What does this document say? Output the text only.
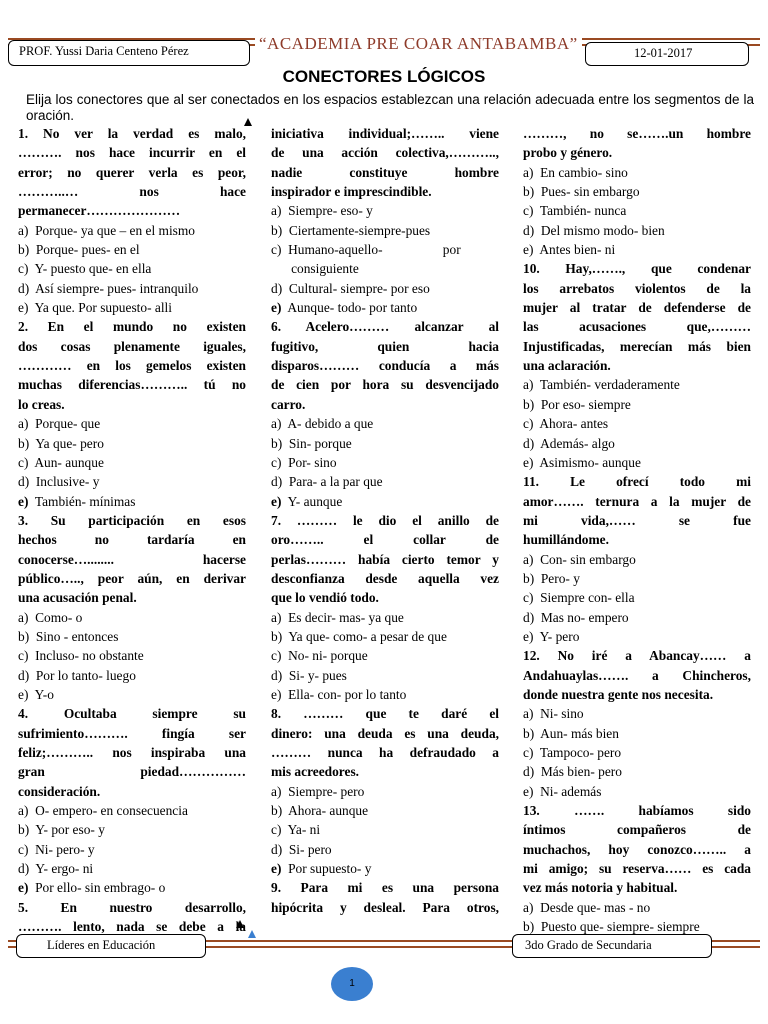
PROF. Yussi Daria Centeno Pérez	“ACADEMIA PRE COAR ANTABAMBA”	12-01-2017
CONECTORES LÓGICOS
Elija los conectores que al ser conectados en los espacios establezcan una relación adecuada entre los segmentos de la oración.

1. No ver la verdad es malo,

………. nos hace incurrir en el

error; no querer verla es peor,

………..… nos hace

permanecer…………………

a)  Porque- ya que – en el mismo

b)  Porque- pues- en el

c)  Y- puesto que- en ella

d)  Así siempre- pues- intranquilo

e)  Ya que. Por supuesto- alli

2. En el mundo no existen

dos cosas plenamente iguales,

………… en los gemelos existen

muchas diferencias……….. tú no

lo creas.

a)  Porque- que

b)  Ya que- pero

c)  Aun- aunque

d)  Inclusive- y

e)  También- mínimas

3. Su participación en esos

hechos no tardaría en

conocerse…........ hacerse

público….., peor aún, en derivar

una acusación penal.

a)  Como- o

b)  Sino - entonces

c)  Incluso- no obstante

d)  Por lo tanto- luego

e)  Y-o

4. Ocultaba siempre su

sufrimiento………. fingía ser

feliz;……….. nos inspiraba una

gran piedad……………

consideración.

a)  O- empero- en consecuencia

b)  Y- por eso- y

c)  Ni- pero- y

d)  Y- ergo- ni

e)  Por ello- sin embrago- o

5. En nuestro desarrollo,

………. lento, nada se debe a la

iniciativa individual;…….. viene

de una acción colectiva,………..,

nadie constituye hombre

inspirador e imprescindible.

a)  Siempre- eso- y

b)  Ciertamente-siempre-pues

c)  Humano-aquello-                  por

consiguiente

d)  Cultural- siempre- por eso

e)  Aunque- todo- por tanto

6. Acelero……… alcanzar al

fugitivo, quien hacia

disparos……… conducía a más

de cien por hora su desvencijado

carro.

a)  A- debido a que

b)  Sin- porque

c)  Por- sino

d)  Para- a la par que

e)  Y- aunque

7. ……… le dio el anillo de

oro…….. el collar de

perlas……… había cierto temor y

desconfianza desde aquella vez

que lo vendió todo.

a)  Es decir- mas- ya que

b)  Ya que- como- a pesar de que

c)  No- ni- porque

d)  Si- y- pues

e)  Ella- con- por lo tanto

8. ……… que te daré el

dinero: una deuda es una deuda,

……… nunca ha defraudado a

mis acreedores.

a)  Siempre- pero

b)  Ahora- aunque

c)  Ya- ni

d)  Si- pero

e)  Por supuesto- y

9. Para mi es una persona

hipócrita y desleal. Para otros,

………, no se…….un hombre

probo y género.

a)  En cambio- sino

b)  Pues- sin embargo

c)  También- nunca

d)  Del mismo modo- bien

e)  Antes bien- ni

10. Hay,……., que condenar

los arrebatos violentos de la

mujer al tratar de defenderse de

las acusaciones que,………

Injustificadas, merecían más bien

una aclaración.

a)  También- verdaderamente

b)  Por eso- siempre

c)  Ahora- antes

d)  Además- algo

e)  Asimismo- aunque

11. Le ofrecí todo mi

amor……. ternura a la mujer de

mi vida,…… se fue

humillándome.

a)  Con- sin embargo

b)  Pero- y

c)  Siempre con- ella

d)  Mas no- empero

e)  Y- pero

12. No iré a Abancay…… a

Andahuaylas……. a Chincheros,

donde nuestra gente nos necesita.

a)  Ni- sino

b)  Aun- más bien

c)  Tampoco- pero

d)  Más bien- pero

e)  Ni- además

13. ……. habíamos sido

íntimos compañeros de

muchachos, hoy conozco…….. a

mi amigo; su reserva…… es cada

vez más notoria y habitual.

a)  Desde que- mas - no

b)  Puesto que- siempre- siempre

Líderes en Educación	3do Grado de Secundaria
1
